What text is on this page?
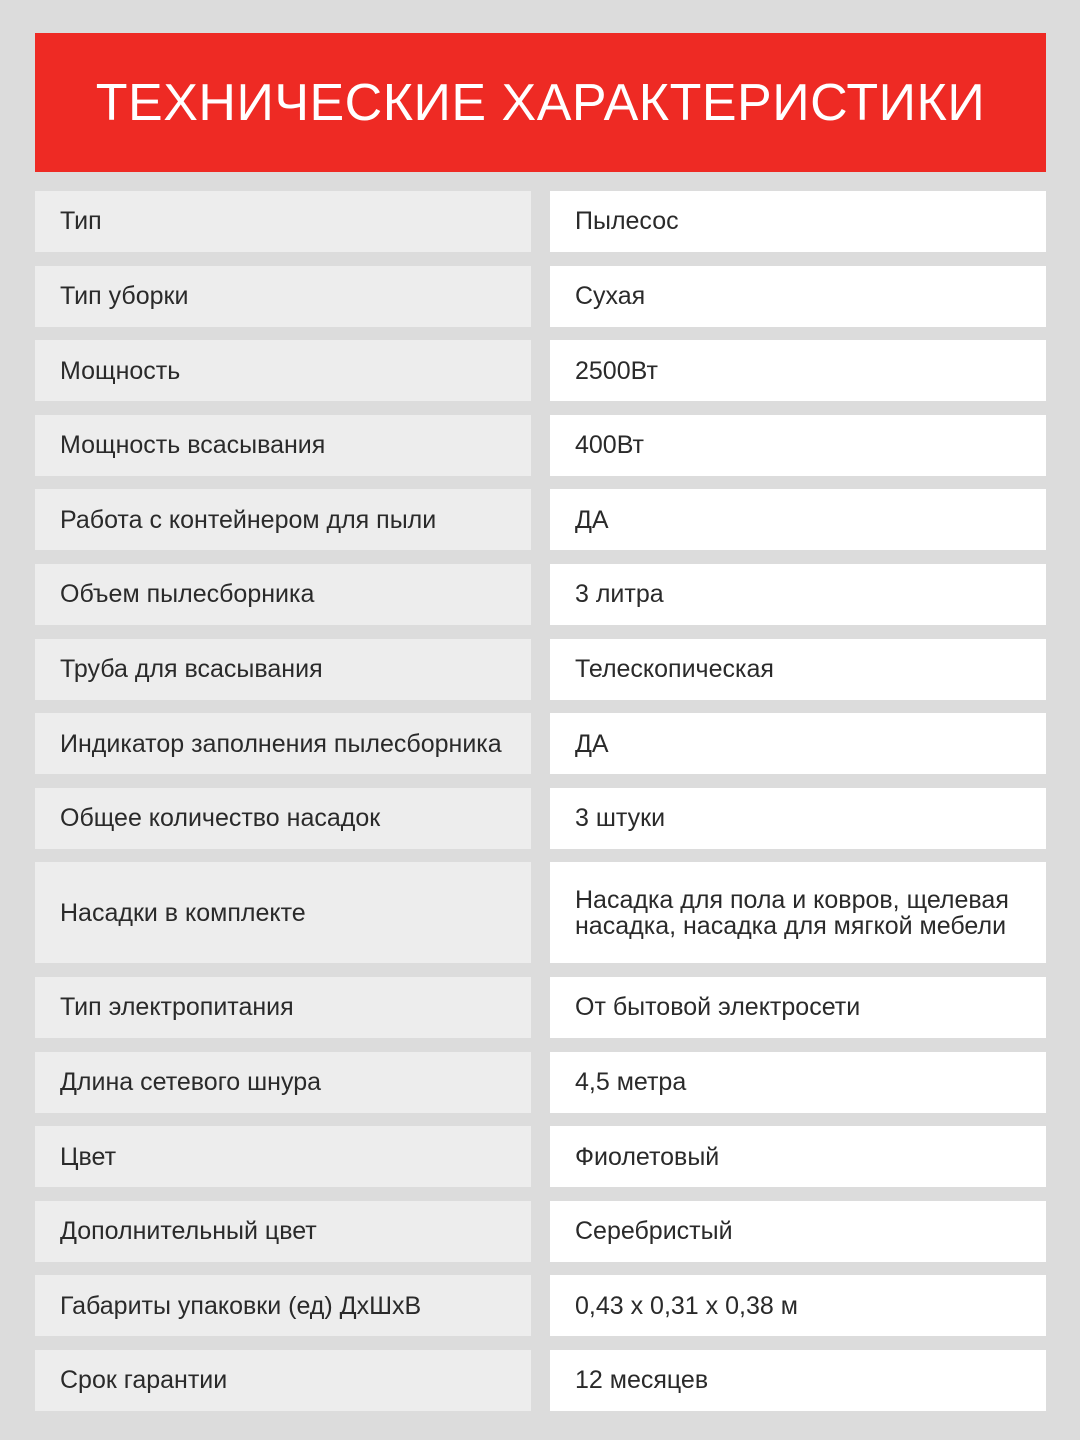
ТЕХНИЧЕСКИЕ ХАРАКТЕРИСТИКИ
Тип	Пылесос
Тип уборки	Сухая
Мощность	2500Вт
Мощность всасывания	400Вт
Работа с контейнером для пыли	ДА
Объем пылесборника	3 литра
Труба для всасывания	Телескопическая
Индикатор заполнения пылесборника	ДА
Общее количество насадок	3 штуки
Насадки в комплекте	Насадка для пола и ковров, щелевая насадка, насадка для мягкой мебели
Тип электропитания	От бытовой электросети
Длина сетевого шнура	4,5 метра
Цвет	Фиолетовый
Дополнительный цвет	Серебристый
Габариты упаковки (ед) ДхШхВ	0,43 x 0,31 x 0,38 м
Срок гарантии	12 месяцев
